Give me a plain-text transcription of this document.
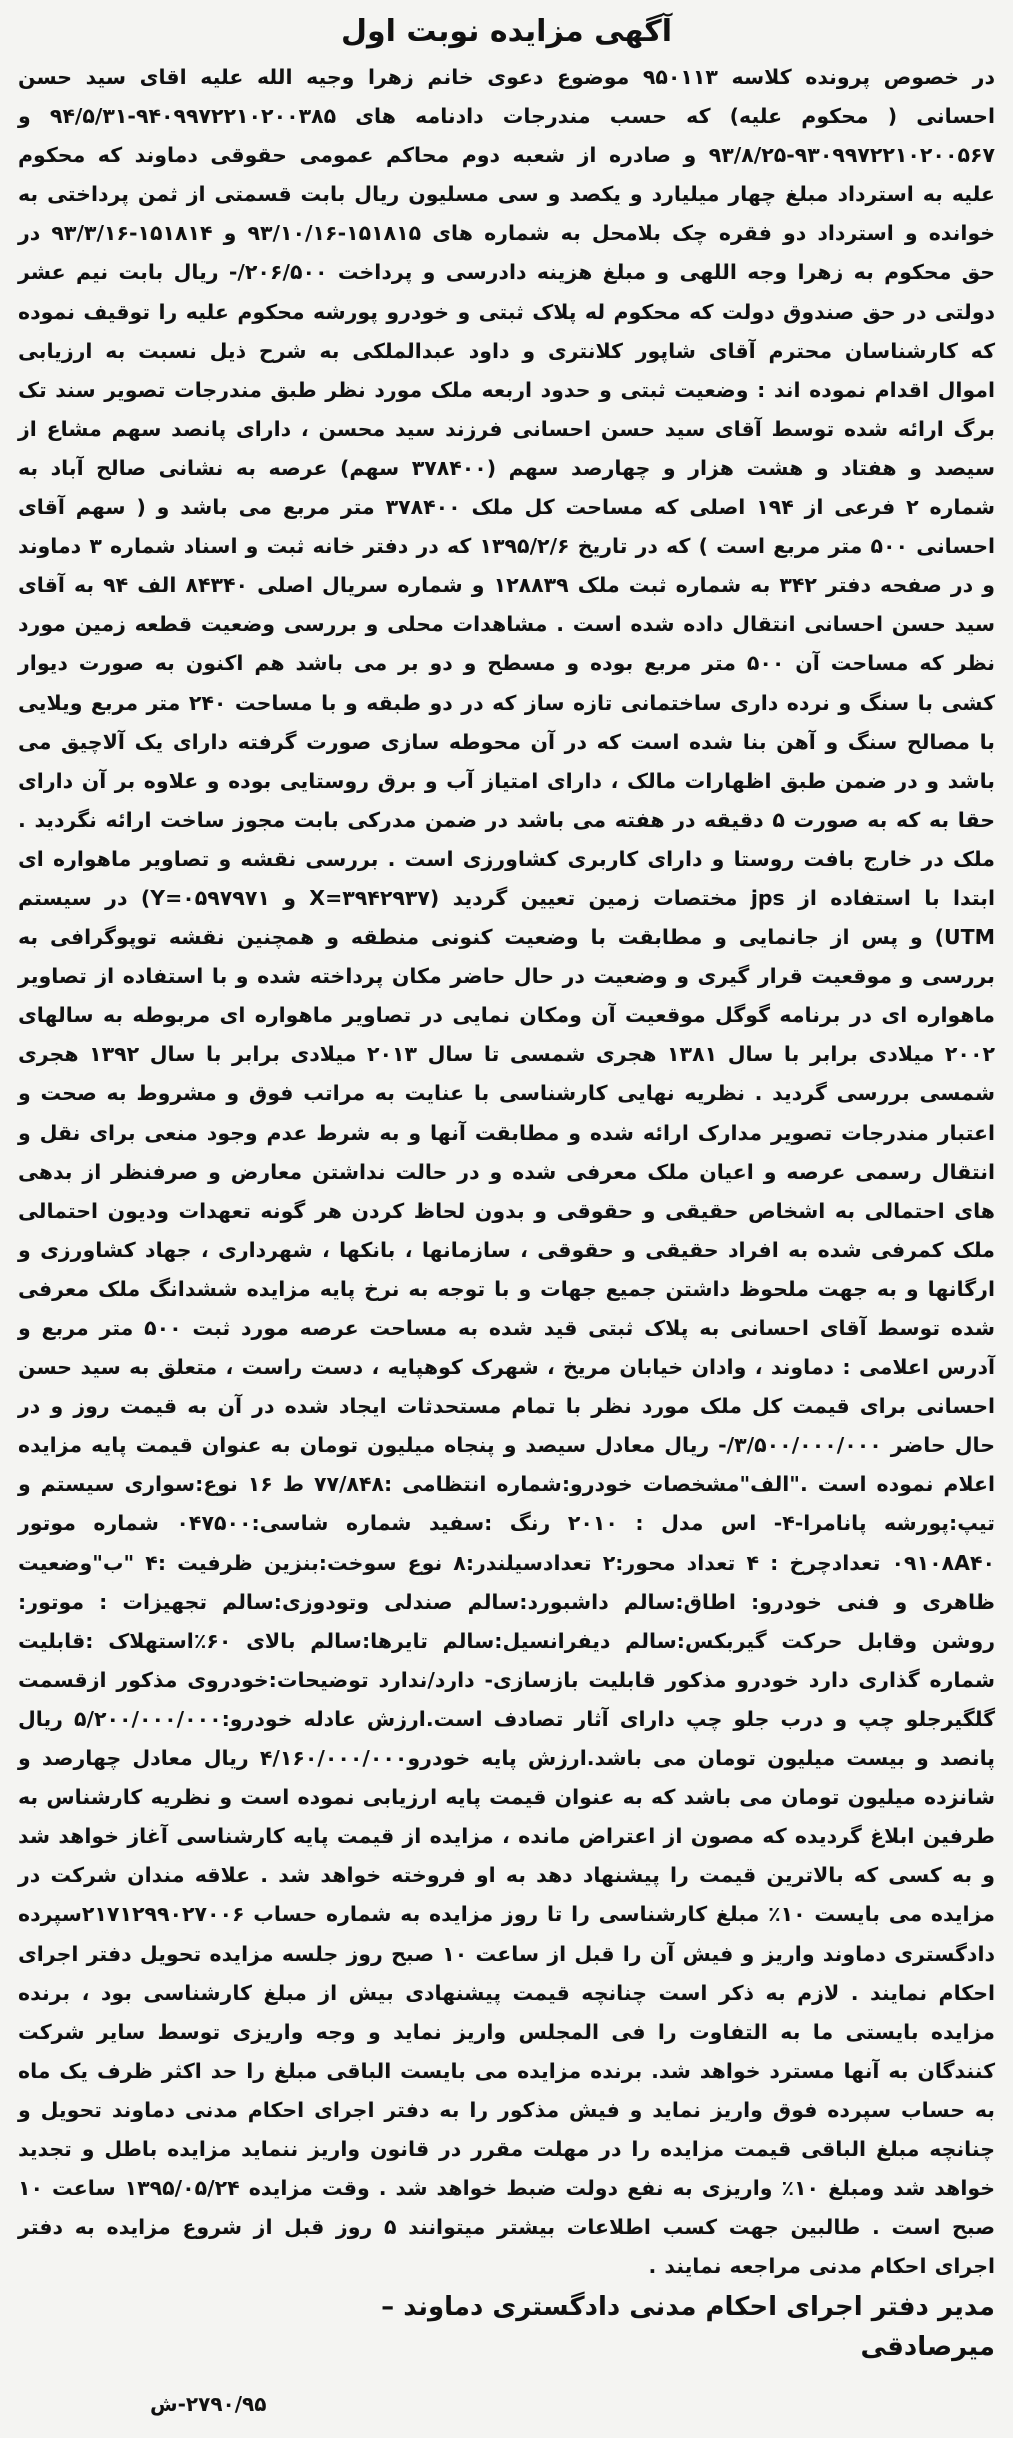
آگهی مزایده نوبت اول

در خصوص پرونده کلاسه ۹۵۰۱۱۳ موضوع دعوی خانم زهرا وجیه الله علیه اقای سید حسن احسانی ( محکوم علیه) که حسب مندرجات دادنامه های ۹۴۰۹۹۷۲۲۱۰۲۰۰۳۸۵-۹۴/۵/۳۱ و ۹۳۰۹۹۷۲۲۱۰۲۰۰۵۶۷-۹۳/۸/۲۵ و صادره از شعبه دوم محاکم عمومی حقوقی دماوند که محکوم علیه به استرداد مبلغ چهار میلیارد و یکصد و سی مسلیون ریال بابت قسمتی از ثمن پرداختی به خوانده و استرداد دو فقره چک بلامحل به شماره های ۱۵۱۸۱۵-۹۳/۱۰/۱۶ و ۱۵۱۸۱۴-۹۳/۳/۱۶ در حق محکوم به زهرا وجه اللهی و مبلغ هزینه دادرسی و پرداخت ۲۰۶/۵۰۰/- ریال بابت نیم عشر دولتی در حق صندوق دولت که محکوم له پلاک ثبتی و خودرو پورشه محکوم علیه را توقیف نموده که کارشناسان محترم آقای شاپور کلانتری و داود عبدالملکی به شرح ذیل نسبت به ارزیابی اموال اقدام نموده اند : وضعیت ثبتی و حدود اربعه ملک مورد نظر طبق مندرجات تصویر سند تک برگ ارائه شده توسط آقای سید حسن احسانی فرزند سید محسن ، دارای پانصد سهم مشاع از سیصد و هفتاد و هشت هزار و چهارصد سهم (۳۷۸۴۰۰ سهم) عرصه به نشانی صالح آباد به شماره ۲ فرعی از ۱۹۴ اصلی که مساحت کل ملک ۳۷۸۴۰۰ متر مربع می باشد و ( سهم آقای احسانی ۵۰۰ متر مربع است ) که در تاریخ ۱۳۹۵/۲/۶ که در دفتر خانه ثبت و اسناد شماره ۳ دماوند و در صفحه دفتر ۳۴۲ به شماره ثبت ملک ۱۲۸۸۳۹ و شماره سریال اصلی ۸۴۳۴۰ الف ۹۴ به آقای سید حسن احسانی انتقال داده شده است . مشاهدات محلی و بررسی وضعیت قطعه زمین مورد نظر که مساحت آن ۵۰۰ متر مربع بوده و مسطح و دو بر می باشد هم اکنون به صورت دیوار کشی با سنگ و نرده داری ساختمانی تازه ساز که در دو طبقه و با مساحت ۲۴۰ متر مربع ویلایی با مصالح سنگ و آهن بنا شده است که در آن محوطه سازی صورت گرفته دارای یک آلاچیق می باشد و در ضمن طبق اظهارات مالک ، دارای امتیاز آب و برق روستایی بوده و علاوه بر آن دارای حقا به که به صورت ۵ دقیقه در هفته می باشد در ضمن مدرکی بابت مجوز ساخت ارائه نگردید . ملک در خارج بافت روستا و دارای کاربری کشاورزی است . بررسی نقشه و تصاویر ماهواره ای ابتدا با استفاده از jps مختصات زمین تعیین گردید (X=۳۹۴۲۹۳۷ و Y=۰۵۹۷۹۷۱) در سیستم UTM) و پس از جانمایی و مطابقت با وضعیت کنونی منطقه و همچنین نقشه توپوگرافی به بررسی و موقعیت قرار گیری و وضعیت در حال حاضر مکان پرداخته شده و با استفاده از تصاویر ماهواره ای در برنامه گوگل موقعیت آن ومکان نمایی در تصاویر ماهواره ای مربوطه به سالهای ۲۰۰۲ میلادی برابر با سال ۱۳۸۱ هجری شمسی تا سال ۲۰۱۳ میلادی برابر با سال ۱۳۹۲ هجری شمسی بررسی گردید . نظریه نهایی کارشناسی با عنایت به مراتب فوق و مشروط به صحت و اعتبار مندرجات تصویر مدارک ارائه شده و مطابقت آنها و به شرط عدم وجود منعی برای نقل و انتقال رسمی عرصه و اعیان ملک معرفی شده و در حالت نداشتن معارض و صرفنظر از بدهی های احتمالی به اشخاص حقیقی و حقوقی و بدون لحاظ کردن هر گونه تعهدات ودیون احتمالی ملک کمرفی شده به افراد حقیقی و حقوقی ، سازمانها ، بانکها ، شهرداری ، جهاد کشاورزی و ارگانها و به جهت ملحوظ داشتن جمیع جهات و با توجه به نرخ پایه مزایده ششدانگ ملک معرفی شده توسط آقای احسانی به پلاک ثبتی قید شده به مساحت عرصه مورد ثبت ۵۰۰ متر مربع و آدرس اعلامی : دماوند ، وادان خیابان مریخ ، شهرک کوهپایه ، دست راست ، متعلق به سید حسن احسانی برای قیمت کل ملک مورد نظر با تمام مستحدثات ایجاد شده در آن به قیمت روز و در حال حاضر ۳/۵۰۰/۰۰۰/۰۰۰/- ریال معادل سیصد و پنجاه میلیون تومان به عنوان قیمت پایه مزایده اعلام نموده است ."الف"مشخصات خودرو:شماره انتظامی :۷۷/۸۴۸ ط ۱۶ نوع:سواری سیستم و تیپ:پورشه پانامرا-۴- اس مدل : ۲۰۱۰ رنگ :سفید شماره شاسی:۰۴۷۵۰۰ شماره موتور ۰۹۱۰۸A۴۰ تعدادچرخ : ۴ تعداد محور:۲ تعدادسیلندر:۸ نوع سوخت:بنزین ظرفیت :۴ "ب"وضعیت ظاهری و فنی خودرو: اطاق:سالم داشبورد:سالم صندلی وتودوزی:سالم تجهیزات : موتور: روشن وقابل حرکت گیربکس:سالم دیفرانسیل:سالم تایرها:سالم بالای ۶۰٪استهلاک :قابلیت شماره گذاری دارد خودرو مذکور قابلیت بازسازی- دارد/ندارد توضیحات:خودروی مذکور ازقسمت گلگیرجلو چپ و درب جلو چپ دارای آثار تصادف است.ارزش عادله خودرو:۵/۲۰۰/۰۰۰/۰۰۰ ریال پانصد و بیست میلیون تومان می باشد.ارزش پایه خودرو۴/۱۶۰/۰۰۰/۰۰۰ ریال معادل چهارصد و شانزده میلیون تومان می باشد که به عنوان قیمت پایه ارزیابی نموده است و نظریه کارشناس به طرفین ابلاغ گردیده که مصون از اعتراض مانده ، مزایده از قیمت پایه کارشناسی آغاز خواهد شد و به کسی که بالاترین قیمت را پیشنهاد دهد به او فروخته خواهد شد . علاقه مندان شرکت در مزایده می بایست ۱۰٪ مبلغ کارشناسی را تا روز مزایده به شماره حساب ۲۱۷۱۲۹۹۰۲۷۰۰۶سپرده دادگستری دماوند واریز و فیش آن را قبل از ساعت ۱۰ صبح روز جلسه مزایده تحویل دفتر اجرای احکام نمایند . لازم به ذکر است چنانچه قیمت پیشنهادی بیش از مبلغ کارشناسی بود ، برنده مزایده بایستی ما به التفاوت را فی المجلس واریز نماید و وجه واریزی توسط سایر شرکت کنندگان به آنها مسترد خواهد شد. برنده مزایده می بایست الباقی مبلغ را حد اکثر ظرف یک ماه به حساب سپرده فوق واریز نماید و فیش مذکور را به دفتر اجرای احکام مدنی دماوند تحویل و چنانچه مبلغ الباقی قیمت مزایده را در مهلت مقرر در قانون واریز ننماید مزایده باطل و تجدید خواهد شد ومبلغ ۱۰٪ واریزی به نفع دولت ضبط خواهد شد . وقت مزایده ۱۳۹۵/۰۵/۲۴ ساعت ۱۰ صبح است . طالبین جهت کسب اطلاعات بیشتر میتوانند ۵ روز قبل از شروع مزایده به دفتر اجرای احکام مدنی مراجعه نمایند .

مدیر دفتر اجرای احکام مدنی دادگستری دماوند –
میرصادقی
۲۷۹۰/۹۵-ش
